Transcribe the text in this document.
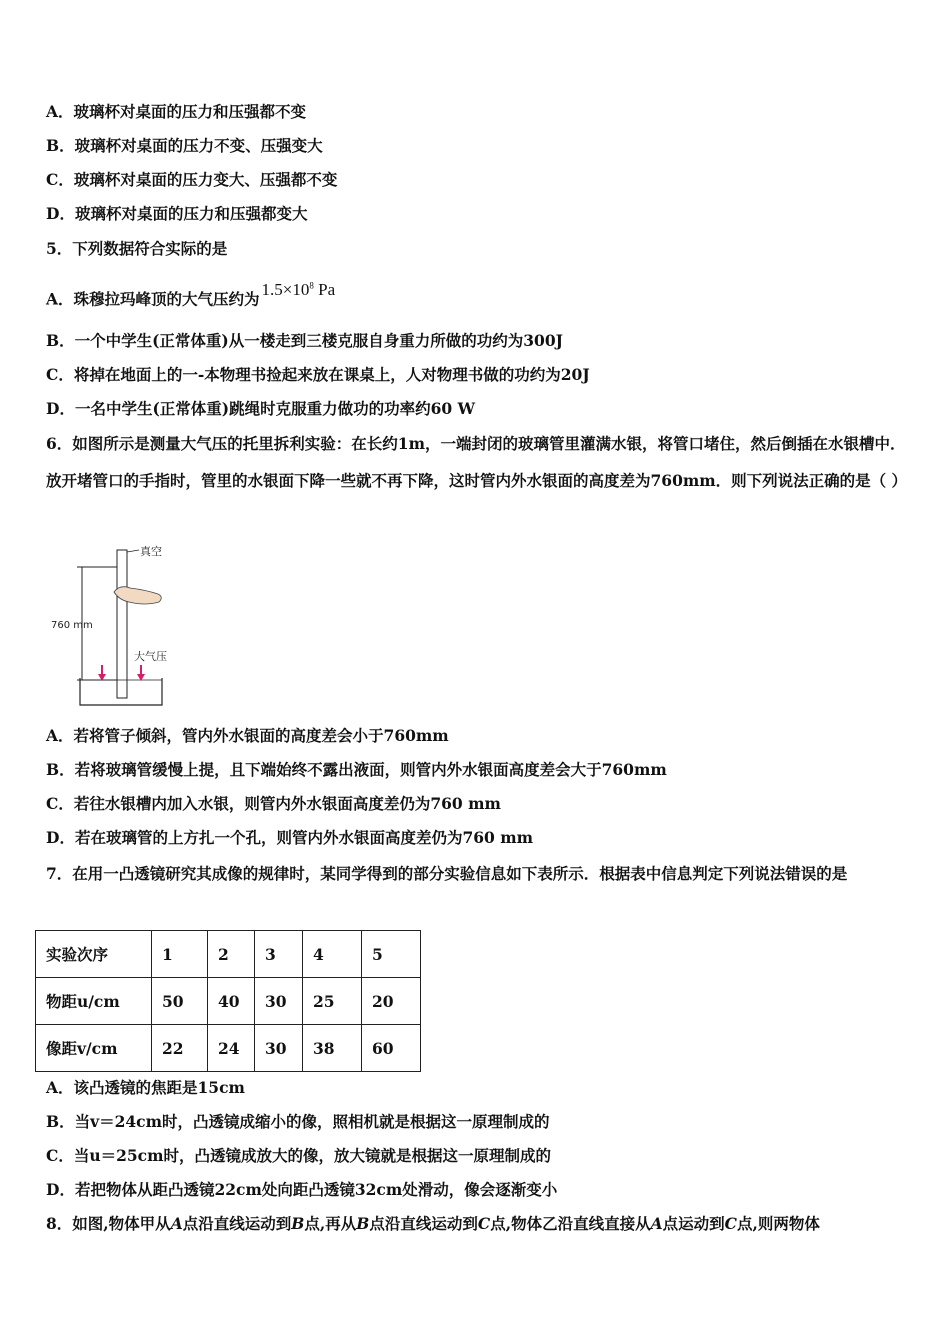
A．玻璃杯对桌面的压力和压强都不变
B．玻璃杯对桌面的压力不变、压强变大
C．玻璃杯对桌面的压力变大、压强都不变
D．玻璃杯对桌面的压力和压强都变大
5．下列数据符合实际的是
A．珠穆拉玛峰顶的大气压约为$1.5\times 10^8$ Pa
B．一个中学生(正常体重)从一楼走到三楼克服自身重力所做的功约为300J
C．将掉在地面上的一-本物理书捡起来放在课桌上，人对物理书做的功约为20J
D．一名中学生(正常体重)跳绳时克服重力做功的功率约60 W
6．如图所示是测量大气压的托里拆利实验：在长约1m，一端封闭的玻璃管里灌满水银，将管口堵住，然后倒插在水银槽中．放开堵管口的手指时，管里的水银面下降一些就不再下降，这时管内外水银面的高度差为760mm．则下列说法正确的是（ ）
真空
760 mm
大气压
A．若将管子倾斜，管内外水银面的高度差会小于760mm
B．若将玻璃管缓慢上提，且下端始终不露出液面，则管内外水银面高度差会大于760mm
C．若往水银槽内加入水银，则管内外水银面高度差仍为760 mm
D．若在玻璃管的上方扎一个孔，则管内外水银面高度差仍为760 mm
7．在用一凸透镜研究其成像的规律时，某同学得到的部分实验信息如下表所示．根据表中信息判定下列说法错误的是
实验次序	1	2	3	4	5
物距u/cm	50	40	30	25	20
像距v/cm	22	24	30	38	60
A．该凸透镜的焦距是15cm
B．当v＝24cm时，凸透镜成缩小的像，照相机就是根据这一原理制成的
C．当u＝25cm时，凸透镜成放大的像，放大镜就是根据这一原理制成的
D．若把物体从距凸透镜22cm处向距凸透镜32cm处滑动，像会逐渐变小
8．如图,物体甲从A点沿直线运动到B点,再从B点沿直线运动到C点,物体乙沿直线直接从A点运动到C点,则两物体
